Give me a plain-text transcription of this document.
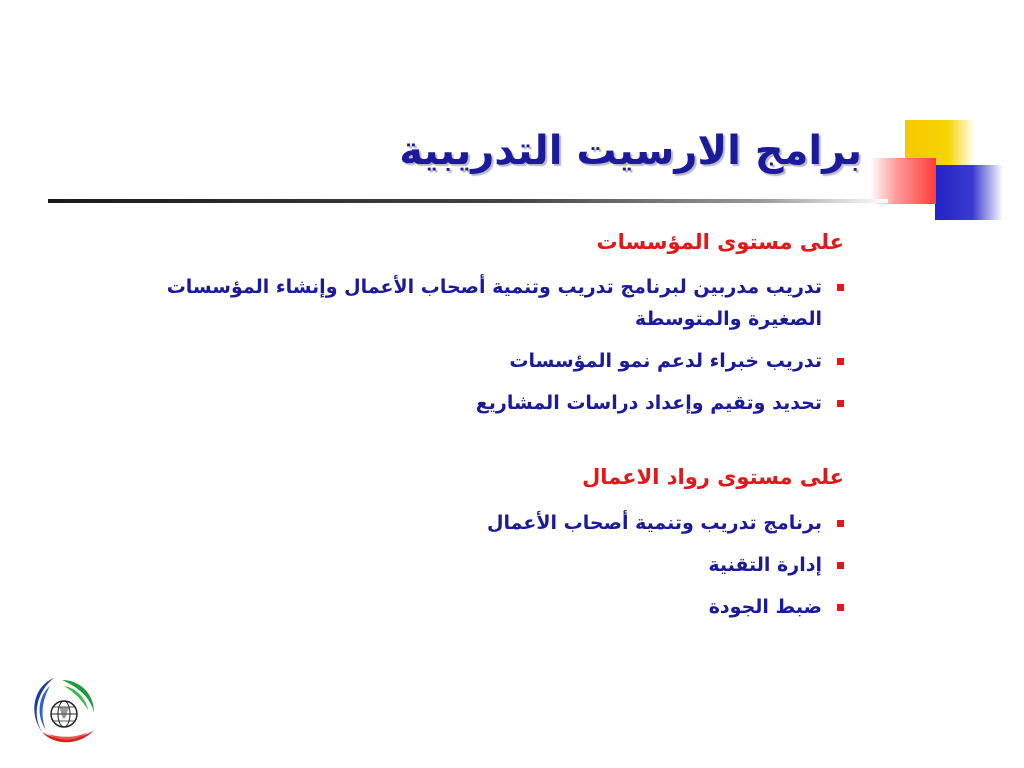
برامج الارسيت التدريبية
على مستوى المؤسسات
تدريب مدربين لبرنامج تدريب وتنمية أصحاب الأعمال وإنشاء المؤسسات الصغيرة والمتوسطة
تدريب خبراء لدعم نمو المؤسسات
تحديد وتقيم وإعداد دراسات المشاريع
على مستوى رواد الاعمال
برنامج تدريب وتنمية أصحاب الأعمال
إدارة التقنية
ضبط الجودة
